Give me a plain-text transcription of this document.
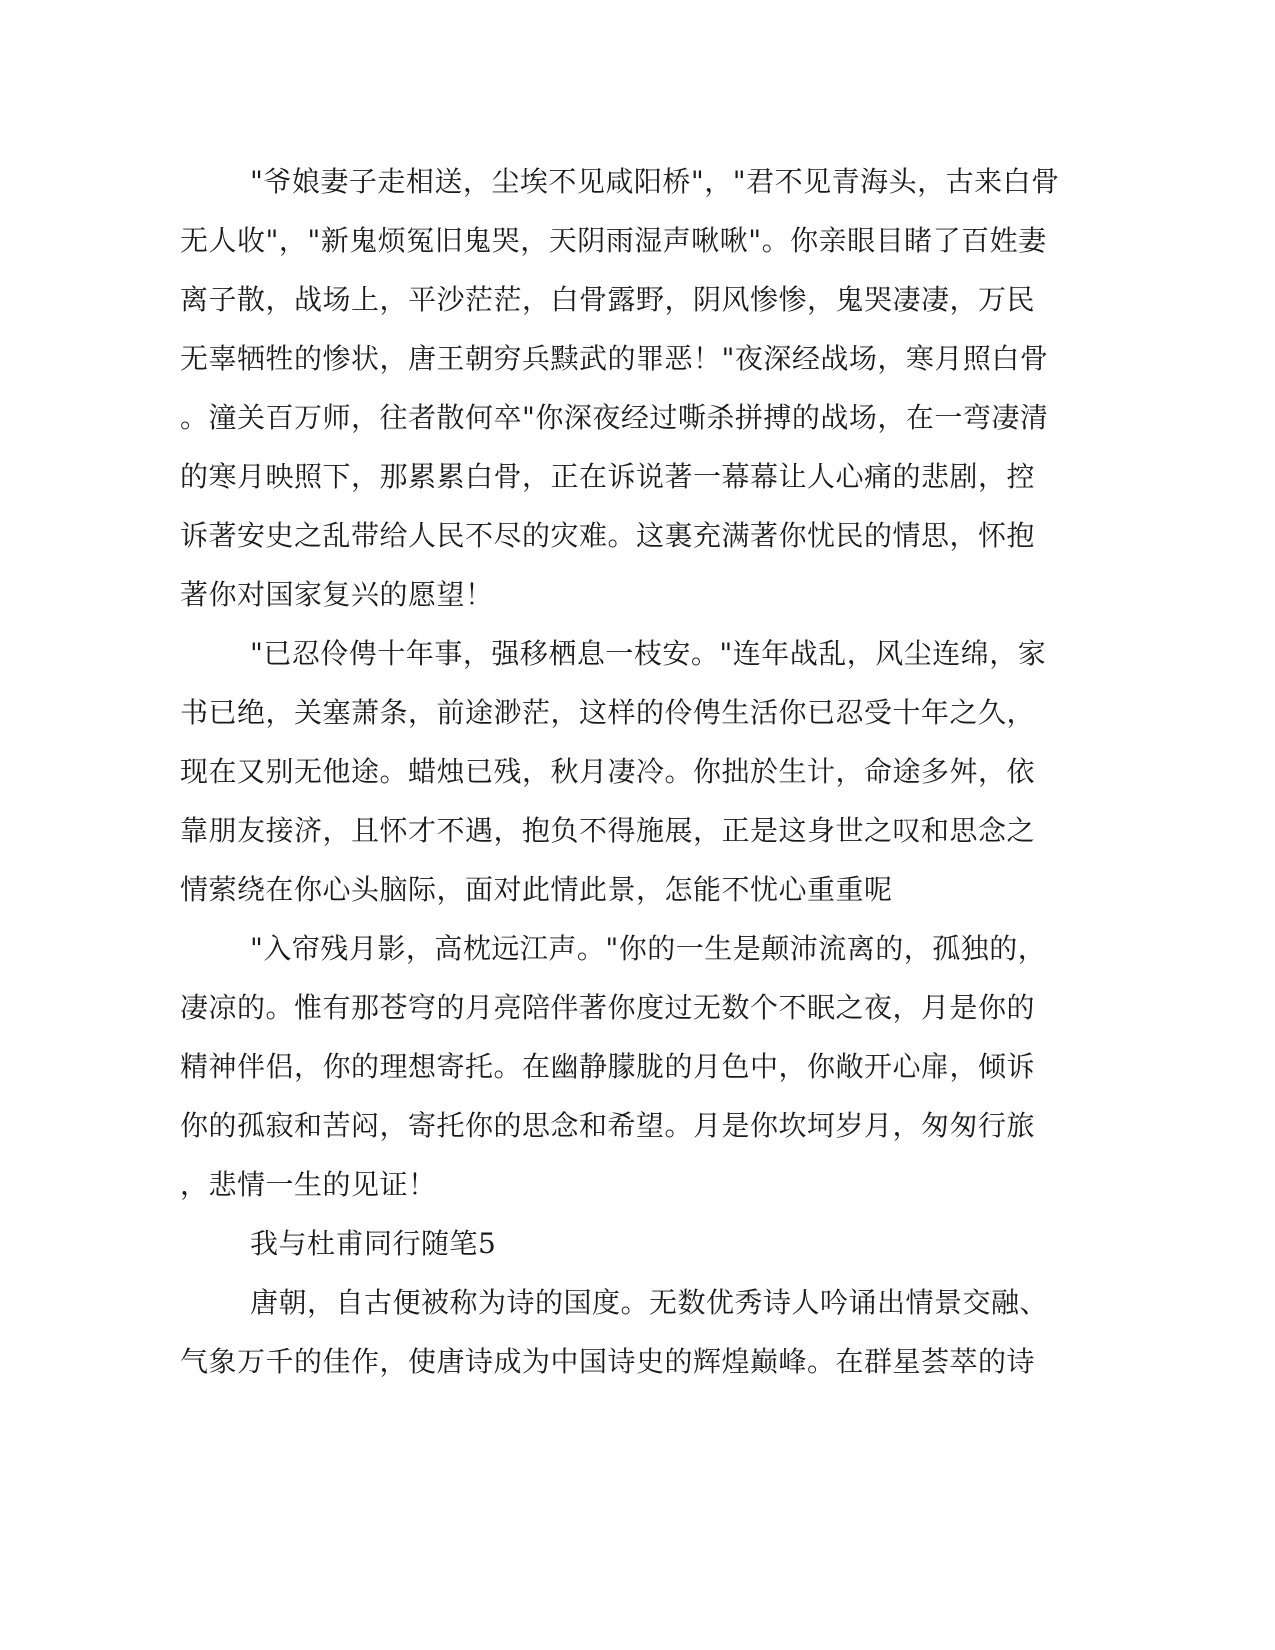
"爷娘妻子走相送，尘埃不见咸阳桥"，"君不见青海头，古来白骨
无人收"，"新鬼烦冤旧鬼哭，天阴雨湿声啾啾"。你亲眼目睹了百姓妻
离子散，战场上，平沙茫茫，白骨露野，阴风惨惨，鬼哭凄凄，万民
无辜牺牲的惨状，唐王朝穷兵黩武的罪恶！"夜深经战场，寒月照白骨
。潼关百万师，往者散何卒"你深夜经过嘶杀拼搏的战场，在一弯凄清
的寒月映照下，那累累白骨，正在诉说著一幕幕让人心痛的悲剧，控
诉著安史之乱带给人民不尽的灾难。这裏充满著你忧民的情思，怀抱
著你对国家复兴的愿望！
"已忍伶俜十年事，强移栖息一枝安。"连年战乱，风尘连绵，家
书已绝，关塞萧条，前途渺茫，这样的伶俜生活你已忍受十年之久，
现在又别无他途。蜡烛已残，秋月凄冷。你拙於生计，命途多舛，依
靠朋友接济，且怀才不遇，抱负不得施展，正是这身世之叹和思念之
情萦绕在你心头脑际，面对此情此景，怎能不忧心重重呢
"入帘残月影，高枕远江声。"你的一生是颠沛流离的，孤独的，
凄凉的。惟有那苍穹的月亮陪伴著你度过无数个不眠之夜，月是你的
精神伴侣，你的理想寄托。在幽静朦胧的月色中，你敞开心扉，倾诉
你的孤寂和苦闷，寄托你的思念和希望。月是你坎坷岁月，匆匆行旅
，悲情一生的见证！
我与杜甫同行随笔5
唐朝，自古便被称为诗的国度。无数优秀诗人吟诵出情景交融、
气象万千的佳作，使唐诗成为中国诗史的辉煌巅峰。在群星荟萃的诗
